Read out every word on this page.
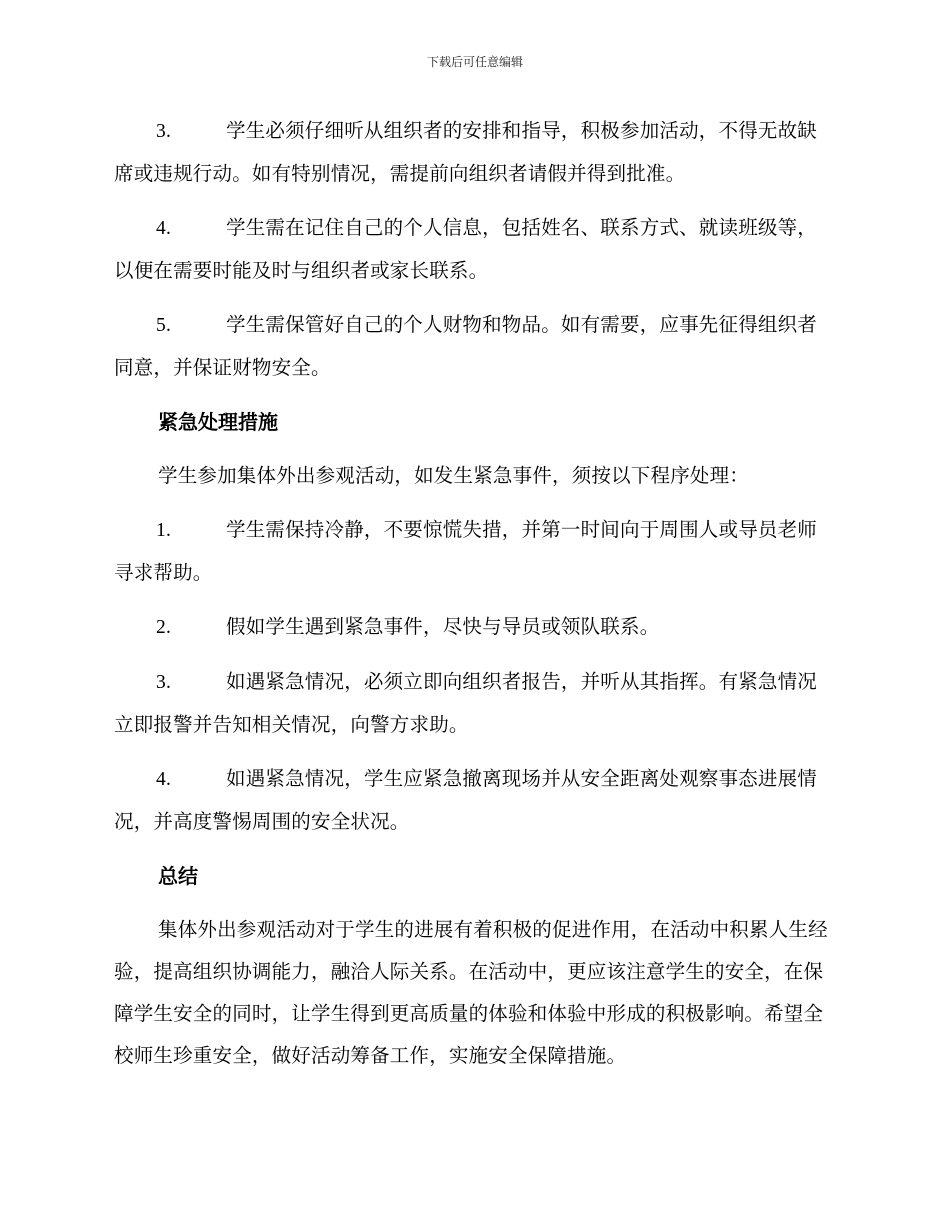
下载后可任意编辑
3.	学生必须仔细听从组织者的安排和指导，积极参加活动，不得无故缺席或违规行动。如有特别情况，需提前向组织者请假并得到批准。
4.	学生需在记住自己的个人信息，包括姓名、联系方式、就读班级等，以便在需要时能及时与组织者或家长联系。
5.	学生需保管好自己的个人财物和物品。如有需要，应事先征得组织者同意，并保证财物安全。
紧急处理措施
学生参加集体外出参观活动，如发生紧急事件，须按以下程序处理：
1.	学生需保持冷静，不要惊慌失措，并第一时间向于周围人或导员老师寻求帮助。
2.	假如学生遇到紧急事件，尽快与导员或领队联系。
3.	如遇紧急情况，必须立即向组织者报告，并听从其指挥。有紧急情况立即报警并告知相关情况，向警方求助。
4.	如遇紧急情况，学生应紧急撤离现场并从安全距离处观察事态进展情况，并高度警惕周围的安全状况。
总结
集体外出参观活动对于学生的进展有着积极的促进作用，在活动中积累人生经验，提高组织协调能力，融洽人际关系。在活动中，更应该注意学生的安全，在保障学生安全的同时，让学生得到更高质量的体验和体验中形成的积极影响。希望全校师生珍重安全，做好活动筹备工作，实施安全保障措施。
